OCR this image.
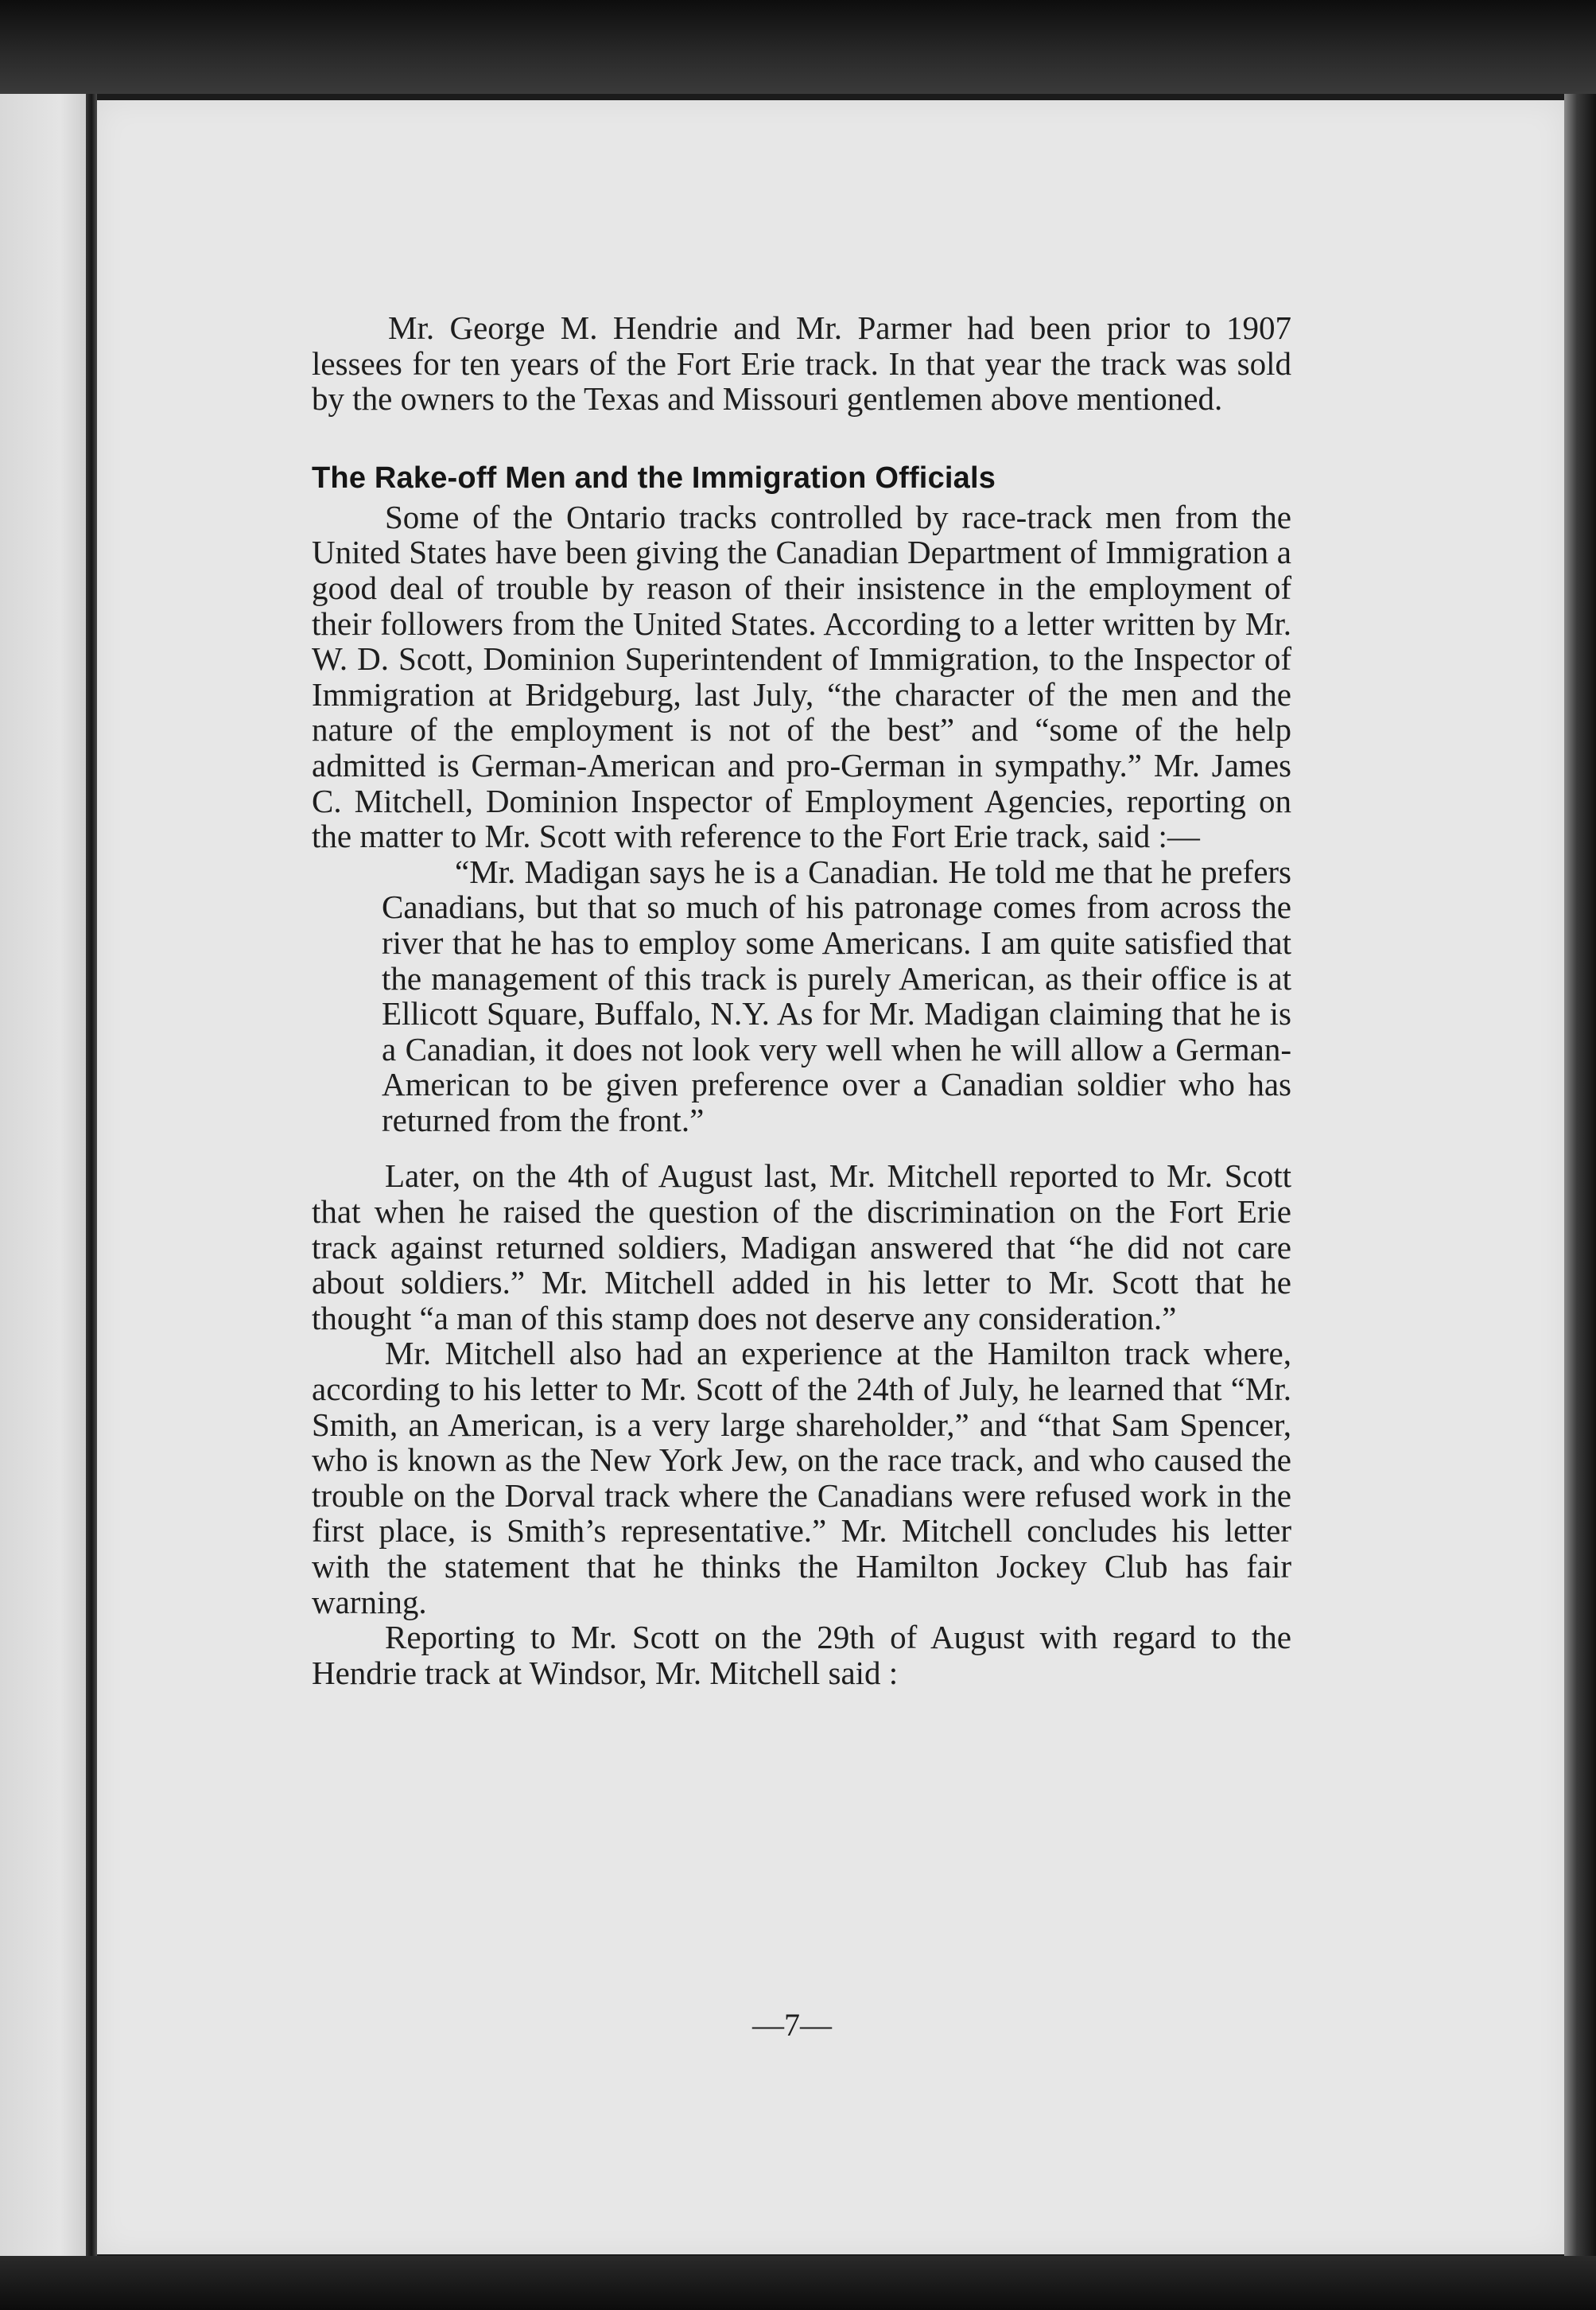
Mr. George M. Hendrie and Mr. Parmer had been prior to 1907 lessees for ten years of the Fort Erie track. In that year the track was sold by the owners to the Texas and Missouri gentlemen above mentioned.

The Rake-off Men and the Immigration Officials

Some of the Ontario tracks controlled by race-track men from the United States have been giving the Canadian Department of Immigration a good deal of trouble by reason of their insistence in the employment of their followers from the United States. According to a letter written by Mr. W. D. Scott, Dominion Superintendent of Immigration, to the Inspector of Immigration at Bridgeburg, last July, “the character of the men and the nature of the employment is not of the best” and “some of the help admitted is German-American and pro-German in sympathy.” Mr. James C. Mitchell, Dominion Inspector of Employment Agencies, reporting on the matter to Mr. Scott with reference to the Fort Erie track, said :—

“Mr. Madigan says he is a Canadian. He told me that he prefers Canadians, but that so much of his patronage comes from across the river that he has to employ some Americans. I am quite satisfied that the management of this track is purely American, as their office is at Ellicott Square, Buffalo, N.Y. As for Mr. Madigan claiming that he is a Canadian, it does not look very well when he will allow a German-American to be given preference over a Canadian soldier who has returned from the front.”

Later, on the 4th of August last, Mr. Mitchell reported to Mr. Scott that when he raised the question of the discrimination on the Fort Erie track against returned soldiers, Madigan answered that “he did not care about soldiers.” Mr. Mitchell added in his letter to Mr. Scott that he thought “a man of this stamp does not deserve any consideration.”

Mr. Mitchell also had an experience at the Hamilton track where, according to his letter to Mr. Scott of the 24th of July, he learned that “Mr. Smith, an American, is a very large shareholder,” and “that Sam Spencer, who is known as the New York Jew, on the race track, and who caused the trouble on the Dorval track where the Canadians were refused work in the first place, is Smith’s representative.” Mr. Mitchell concludes his letter with the statement that he thinks the Hamilton Jockey Club has fair warning.

Reporting to Mr. Scott on the 29th of August with regard to the Hendrie track at Windsor, Mr. Mitchell said :

—7—
